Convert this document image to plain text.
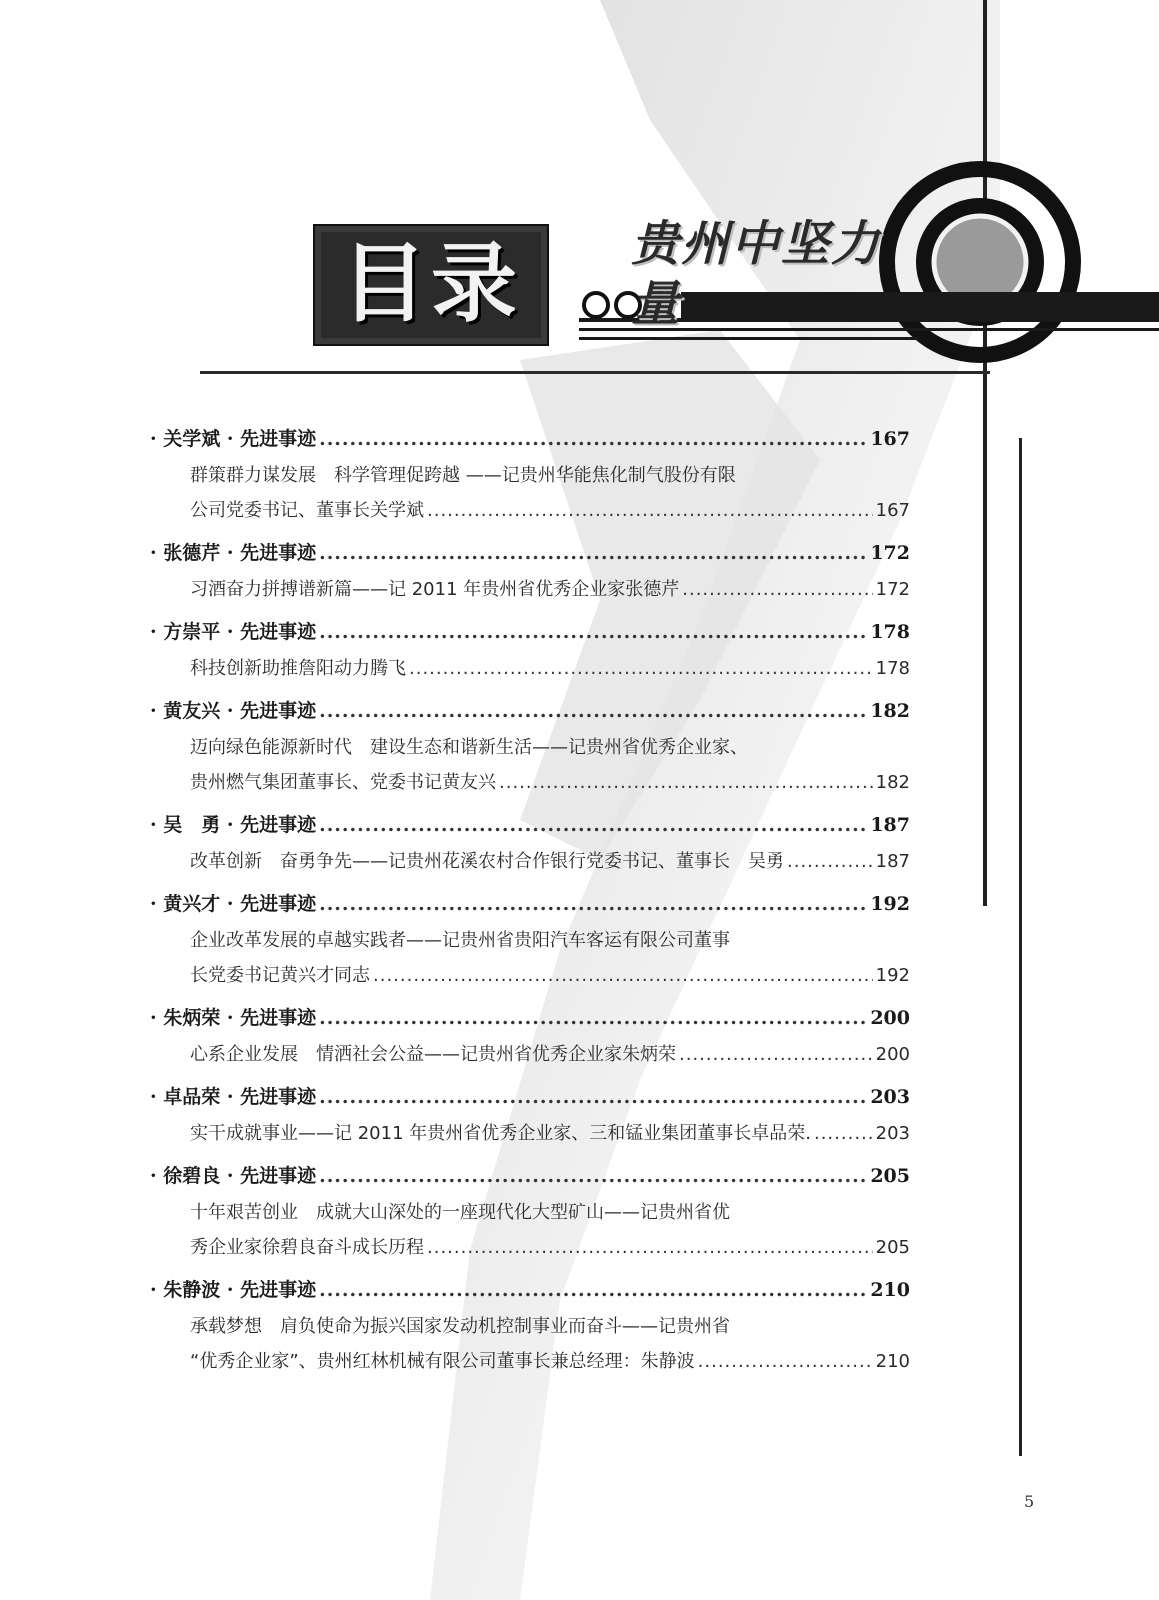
目录	贵州中坚力量
· 关学斌 · 先进事迹 .....	167
群策群力谋发展　科学管理促跨越 ——记贵州华能焦化制气股份有限
公司党委书记、董事长关学斌 .....	167
· 张德芹 · 先进事迹 .....	172
习酒奋力拼搏谱新篇——记 2011 年贵州省优秀企业家张德芹 .....	172
· 方崇平 · 先进事迹 .....	178
科技创新助推詹阳动力腾飞 .....	178
· 黄友兴 · 先进事迹 .....	182
迈向绿色能源新时代　建设生态和谐新生活——记贵州省优秀企业家、
贵州燃气集团董事长、党委书记黄友兴 .....	182
· 吴　勇 · 先进事迹 .....	187
改革创新　奋勇争先——记贵州花溪农村合作银行党委书记、董事长　吴勇 .....	187
· 黄兴才 · 先进事迹 .....	192
企业改革发展的卓越实践者——记贵州省贵阳汽车客运有限公司董事
长党委书记黄兴才同志 .....	192
· 朱炳荣 · 先进事迹 .....	200
心系企业发展　情洒社会公益——记贵州省优秀企业家朱炳荣 .....	200
· 卓品荣 · 先进事迹 .....	203
实干成就事业——记 2011 年贵州省优秀企业家、三和锰业集团董事长卓品荣. .....	203
· 徐碧良 · 先进事迹 .....	205
十年艰苦创业　成就大山深处的一座现代化大型矿山——记贵州省优
秀企业家徐碧良奋斗成长历程 .....	205
· 朱静波 · 先进事迹 .....	210
承载梦想　肩负使命为振兴国家发动机控制事业而奋斗——记贵州省
“优秀企业家”、贵州红林机械有限公司董事长兼总经理：朱静波 .....	210
5
